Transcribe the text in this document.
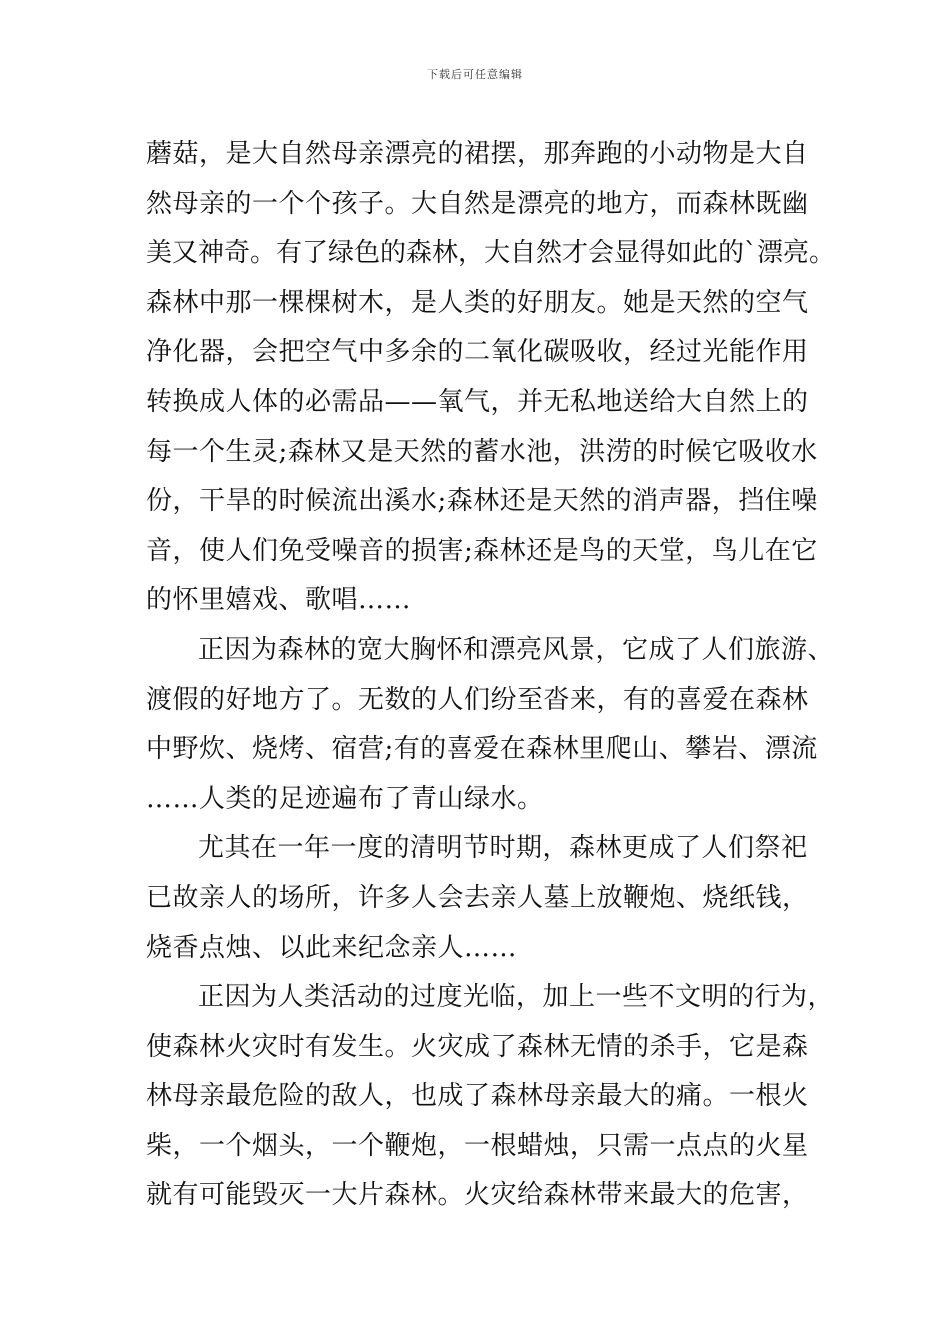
下载后可任意编辑
蘑菇，是大自然母亲漂亮的裙摆，那奔跑的小动物是大自
然母亲的一个个孩子。大自然是漂亮的地方，而森林既幽
美又神奇。有了绿色的森林，大自然才会显得如此的`漂亮。
森林中那一棵棵树木，是人类的好朋友。她是天然的空气
净化器，会把空气中多余的二氧化碳吸收，经过光能作用
转换成人体的必需品——氧气，并无私地送给大自然上的
每一个生灵;森林又是天然的蓄水池，洪涝的时候它吸收水
份，干旱的时候流出溪水;森林还是天然的消声器，挡住噪
音，使人们免受噪音的损害;森林还是鸟的天堂，鸟儿在它
的怀里嬉戏、歌唱……
正因为森林的宽大胸怀和漂亮风景，它成了人们旅游、
渡假的好地方了。无数的人们纷至沓来，有的喜爱在森林
中野炊、烧烤、宿营;有的喜爱在森林里爬山、攀岩、漂流
……人类的足迹遍布了青山绿水。
尤其在一年一度的清明节时期，森林更成了人们祭祀
已故亲人的场所，许多人会去亲人墓上放鞭炮、烧纸钱，
烧香点烛、以此来纪念亲人……
正因为人类活动的过度光临，加上一些不文明的行为，
使森林火灾时有发生。火灾成了森林无情的杀手，它是森
林母亲最危险的敌人，也成了森林母亲最大的痛。一根火
柴，一个烟头，一个鞭炮，一根蜡烛，只需一点点的火星
就有可能毁灭一大片森林。火灾给森林带来最大的危害，
